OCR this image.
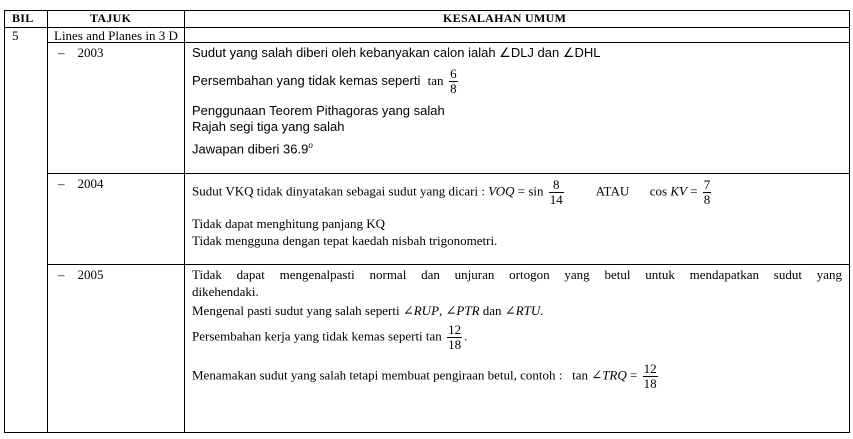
BIL	TAJUK	KESALAHAN UMUM
5	Lines and Planes in 3 D
–    2003	Sudut yang salah diberi oleh kebanyakan calon ialah ∠DLJ dan ∠DHL
Persembahan yang tidak kemas seperti $\tan \frac{6}{8}$
Penggunaan Teorem Pithagoras yang salah
Rajah segi tiga yang salah
Jawapan diberi 36.9$^o$
–    2004	Sudut VKQ tidak dinyatakan sebagai sudut yang dicari : VOQ = $\sin \frac{8}{14}$ ATAU cos KV = $\frac{7}{8}$
Tidak dapat menghitung panjang KQ
Tidak mengguna dengan tepat kaedah nisbah trigonometri.
–    2005	Tidak dapat mengenalpasti normal dan unjuran ortogon yang betul untuk mendapatkan sudut yang
dikehendaki.
Mengenal pasti sudut yang salah seperti ∠RUP, ∠PTR dan ∠RTU.
Persembahan kerja yang tidak kemas seperti $\tan \frac{12}{18}$ .
Menamakan sudut yang salah tetapi membuat pengiraan betul, contoh : tan ∠TRQ = $\frac{12}{18}$
